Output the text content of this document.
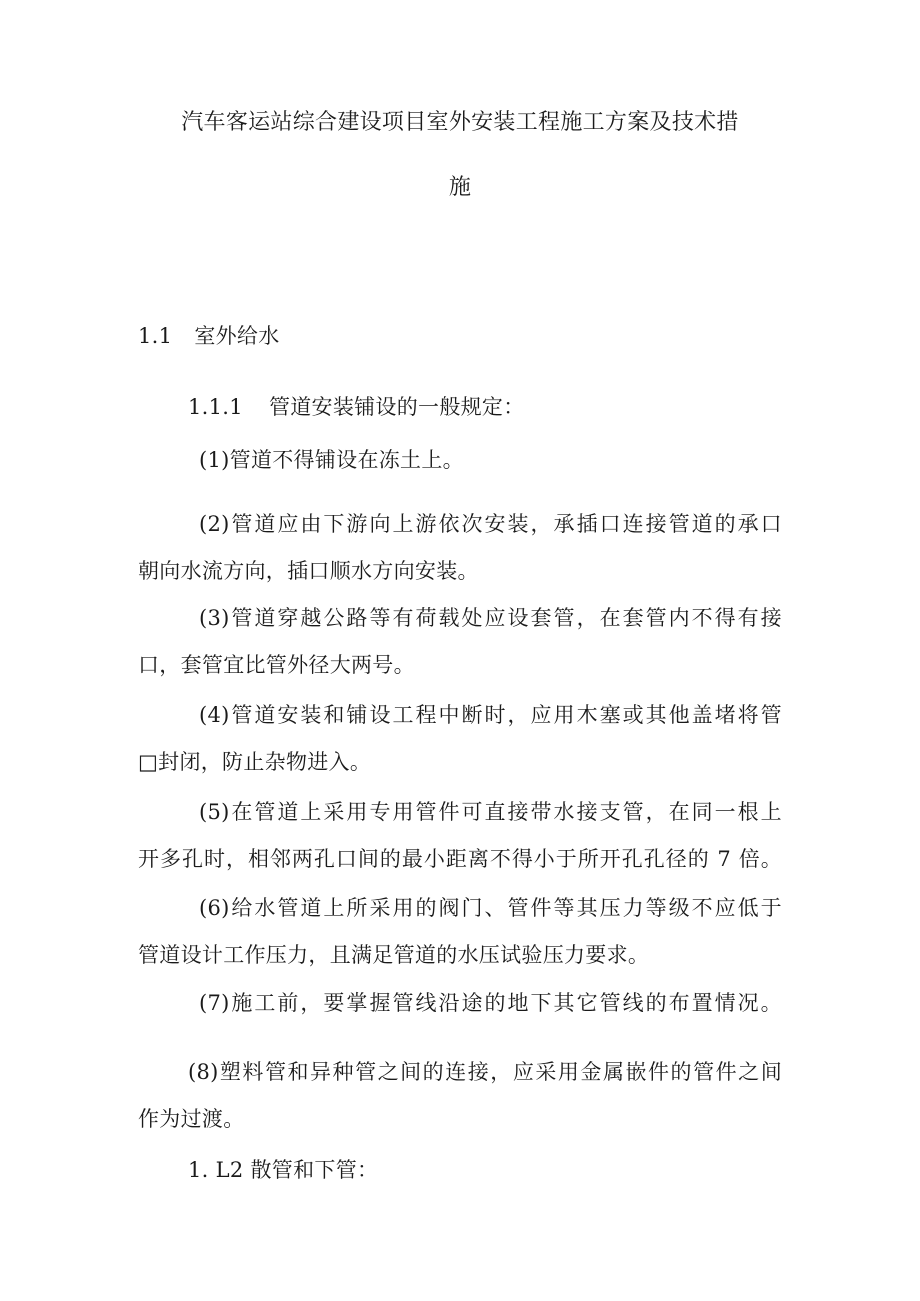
汽车客运站综合建设项目室外安装工程施工方案及技术措
施
1.1 室外给水
1.1.1 管道安装铺设的一般规定：
(1)管道不得铺设在冻土上。
(2)管道应由下游向上游依次安装，承插口连接管道的承口
朝向水流方向，插口顺水方向安装。
(3)管道穿越公路等有荷载处应设套管，在套管内不得有接
口，套管宜比管外径大两号。
(4)管道安装和铺设工程中断时，应用木塞或其他盖堵将管
□封闭，防止杂物进入。
(5)在管道上采用专用管件可直接带水接支管，在同一根上
开多孔时，相邻两孔口间的最小距离不得小于所开孔孔径的 7 倍。
(6)给水管道上所采用的阀门、管件等其压力等级不应低于
管道设计工作压力，且满足管道的水压试验压力要求。
(7)施工前，要掌握管线沿途的地下其它管线的布置情况。
(8)塑料管和异种管之间的连接，应采用金属嵌件的管件之间
作为过渡。
1. L2 散管和下管：
